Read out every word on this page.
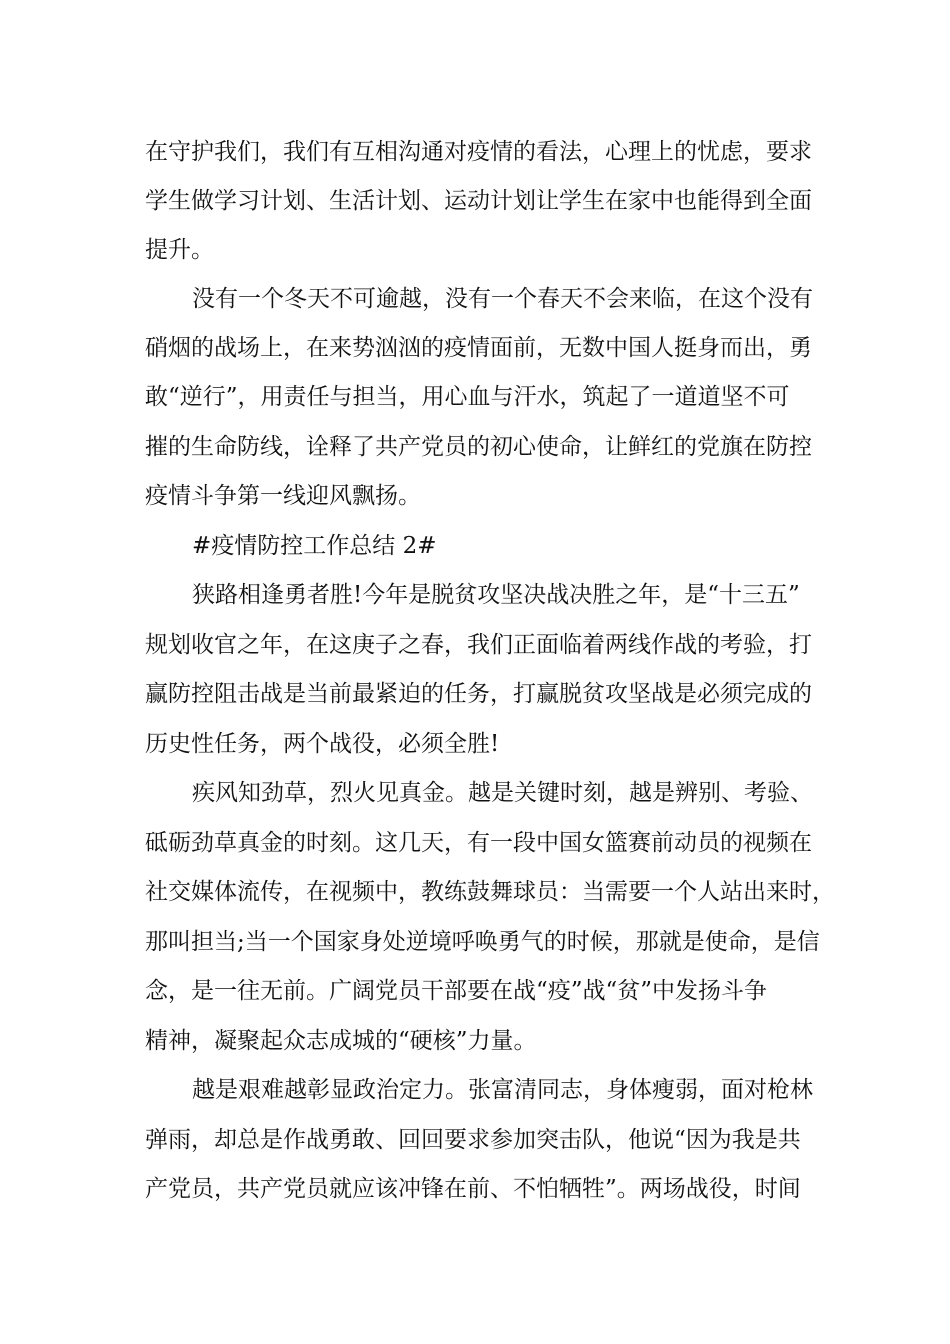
在守护我们，我们有互相沟通对疫情的看法，心理上的忧虑，要求
学生做学习计划、生活计划、运动计划让学生在家中也能得到全面
提升。
没有一个冬天不可逾越，没有一个春天不会来临，在这个没有
硝烟的战场上，在来势汹汹的疫情面前，无数中国人挺身而出，勇
敢“逆行”，用责任与担当，用心血与汗水，筑起了一道道坚不可
摧的生命防线，诠释了共产党员的初心使命，让鲜红的党旗在防控
疫情斗争第一线迎风飘扬。
#疫情防控工作总结 2#
狭路相逢勇者胜!今年是脱贫攻坚决战决胜之年，是“十三五”
规划收官之年，在这庚子之春，我们正面临着两线作战的考验，打
赢防控阻击战是当前最紧迫的任务，打赢脱贫攻坚战是必须完成的
历史性任务，两个战役，必须全胜!
疾风知劲草，烈火见真金。越是关键时刻，越是辨别、考验、
砥砺劲草真金的时刻。这几天，有一段中国女篮赛前动员的视频在
社交媒体流传，在视频中，教练鼓舞球员：当需要一个人站出来时，
那叫担当;当一个国家身处逆境呼唤勇气的时候，那就是使命，是信
念，是一往无前。广阔党员干部要在战“疫”战“贫”中发扬斗争
精神，凝聚起众志成城的“硬核”力量。
越是艰难越彰显政治定力。张富清同志，身体瘦弱，面对枪林
弹雨，却总是作战勇敢、回回要求参加突击队，他说“因为我是共
产党员，共产党员就应该冲锋在前、不怕牺牲”。两场战役，时间
